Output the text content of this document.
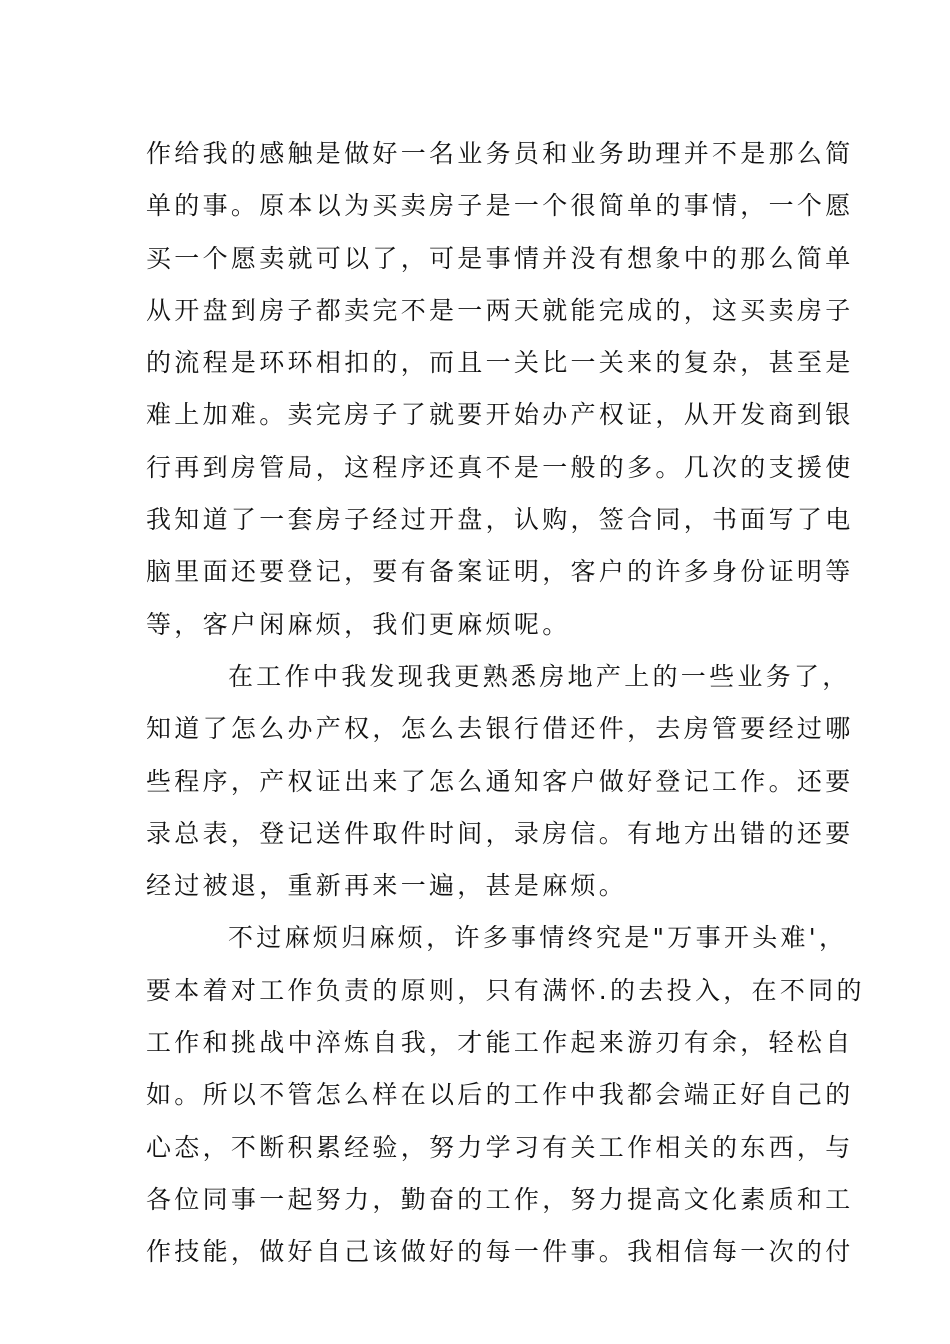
作给我的感触是做好一名业务员和业务助理并不是那么简
单的事。原本以为买卖房子是一个很简单的事情，一个愿
买一个愿卖就可以了，可是事情并没有想象中的那么简单
从开盘到房子都卖完不是一两天就能完成的，这买卖房子
的流程是环环相扣的，而且一关比一关来的复杂，甚至是
难上加难。卖完房子了就要开始办产权证，从开发商到银
行再到房管局，这程序还真不是一般的多。几次的支援使
我知道了一套房子经过开盘，认购，签合同，书面写了电
脑里面还要登记，要有备案证明，客户的许多身份证明等
等，客户闲麻烦，我们更麻烦呢。
在工作中我发现我更熟悉房地产上的一些业务了，
知道了怎么办产权，怎么去银行借还件，去房管要经过哪
些程序，产权证出来了怎么通知客户做好登记工作。还要
录总表，登记送件取件时间，录房信。有地方出错的还要
经过被退，重新再来一遍，甚是麻烦。
不过麻烦归麻烦，许多事情终究是"万事开头难'，
要本着对工作负责的原则，只有满怀.的去投入，在不同的
工作和挑战中淬炼自我，才能工作起来游刃有余，轻松自
如。所以不管怎么样在以后的工作中我都会端正好自己的
心态，不断积累经验，努力学习有关工作相关的东西，与
各位同事一起努力，勤奋的工作，努力提高文化素质和工
作技能，做好自己该做好的每一件事。我相信每一次的付
